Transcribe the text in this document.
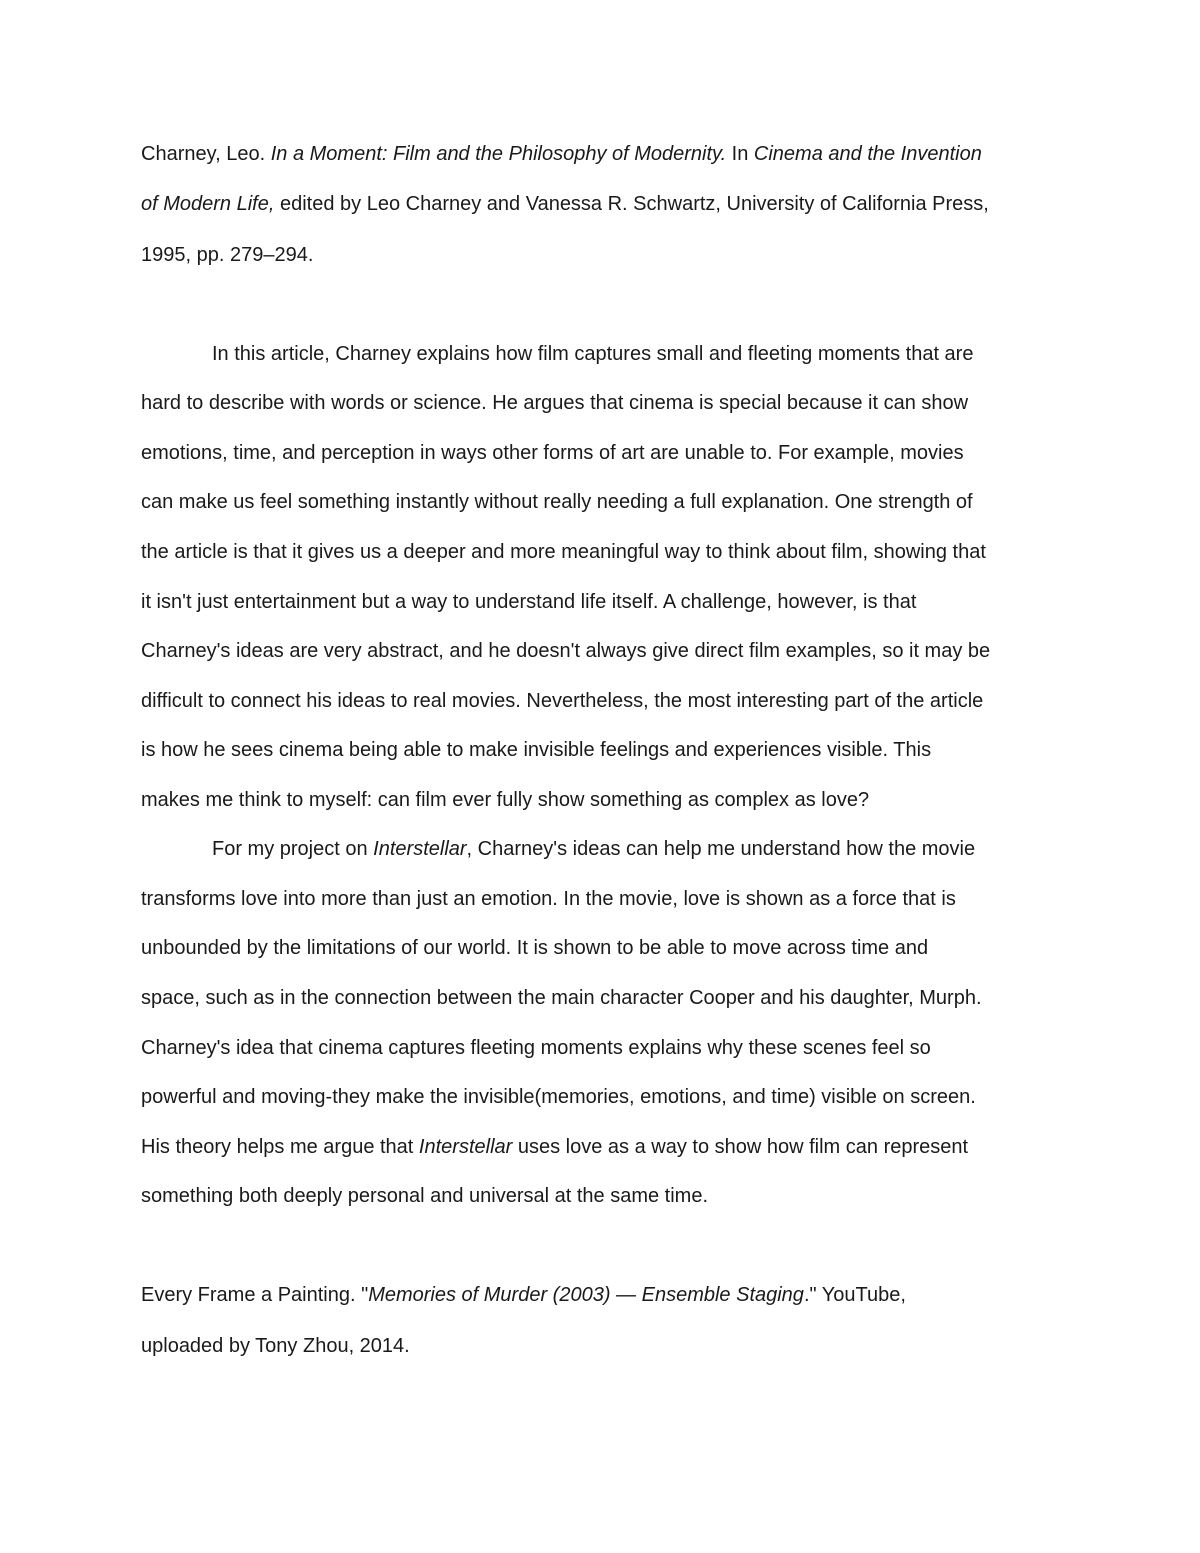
Charney, Leo. In a Moment: Film and the Philosophy of Modernity. In Cinema and the Invention
of Modern Life, edited by Leo Charney and Vanessa R. Schwartz, University of California Press,
1995, pp. 279–294.
In this article, Charney explains how film captures small and fleeting moments that are
hard to describe with words or science. He argues that cinema is special because it can show
emotions, time, and perception in ways other forms of art are unable to. For example, movies
can make us feel something instantly without really needing a full explanation. One strength of
the article is that it gives us a deeper and more meaningful way to think about film, showing that
it isn't just entertainment but a way to understand life itself. A challenge, however, is that
Charney's ideas are very abstract, and he doesn't always give direct film examples, so it may be
difficult to connect his ideas to real movies. Nevertheless, the most interesting part of the article
is how he sees cinema being able to make invisible feelings and experiences visible. This
makes me think to myself: can film ever fully show something as complex as love?
For my project on Interstellar, Charney's ideas can help me understand how the movie
transforms love into more than just an emotion. In the movie, love is shown as a force that is
unbounded by the limitations of our world. It is shown to be able to move across time and
space, such as in the connection between the main character Cooper and his daughter, Murph.
Charney's idea that cinema captures fleeting moments explains why these scenes feel so
powerful and moving-they make the invisible(memories, emotions, and time) visible on screen.
His theory helps me argue that Interstellar uses love as a way to show how film can represent
something both deeply personal and universal at the same time.
Every Frame a Painting. "Memories of Murder (2003) — Ensemble Staging." YouTube,
uploaded by Tony Zhou, 2014.
